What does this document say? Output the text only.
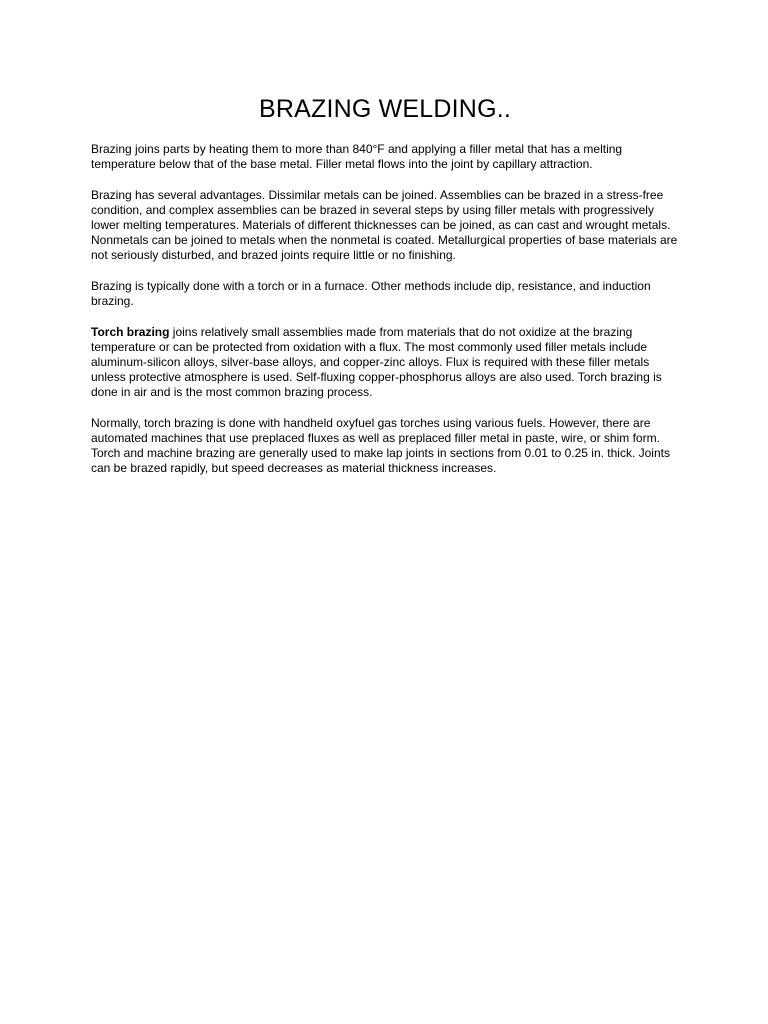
BRAZING WELDING..

Brazing joins parts by heating them to more than 840°F and applying a filler metal that has a melting temperature below that of the base metal. Filler metal flows into the joint by capillary attraction.

Brazing has several advantages. Dissimilar metals can be joined. Assemblies can be brazed in a stress-free condition, and complex assemblies can be brazed in several steps by using filler metals with progressively lower melting temperatures. Materials of different thicknesses can be joined, as can cast and wrought metals. Nonmetals can be joined to metals when the nonmetal is coated. Metallurgical properties of base materials are not seriously disturbed, and brazed joints require little or no finishing.

Brazing is typically done with a torch or in a furnace. Other methods include dip, resistance, and induction brazing.

Torch brazing joins relatively small assemblies made from materials that do not oxidize at the brazing temperature or can be protected from oxidation with a flux. The most commonly used filler metals include aluminum-silicon alloys, silver-base alloys, and copper-zinc alloys. Flux is required with these filler metals unless protective atmosphere is used. Self-fluxing copper-phosphorus alloys are also used. Torch brazing is done in air and is the most common brazing process.

Normally, torch brazing is done with handheld oxyfuel gas torches using various fuels. However, there are automated machines that use preplaced fluxes as well as preplaced filler metal in paste, wire, or shim form. Torch and machine brazing are generally used to make lap joints in sections from 0.01 to 0.25 in. thick. Joints can be brazed rapidly, but speed decreases as material thickness increases.
